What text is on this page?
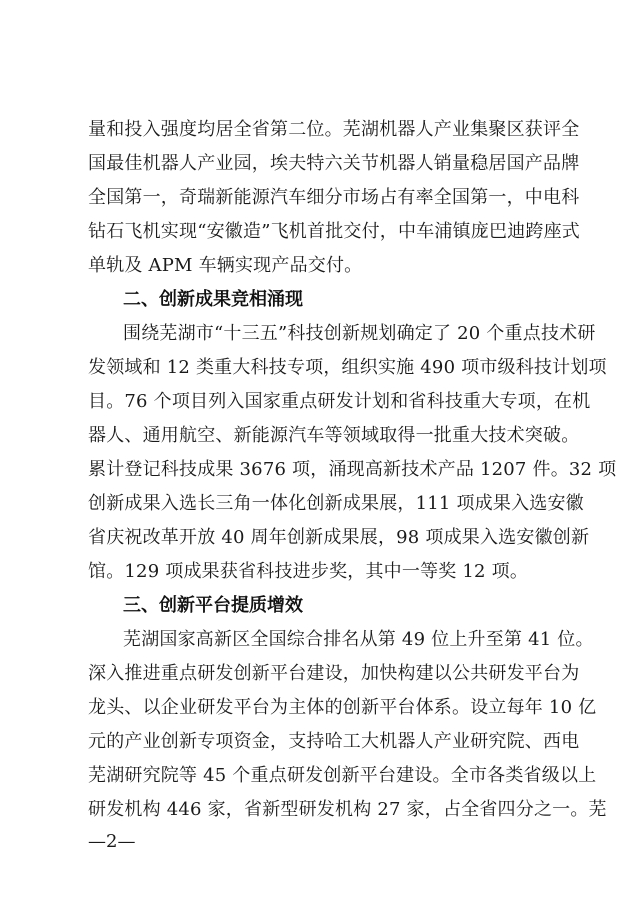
量和投入强度均居全省第二位。芜湖机器人产业集聚区获评全
国最佳机器人产业园，埃夫特六关节机器人销量稳居国产品牌
全国第一，奇瑞新能源汽车细分市场占有率全国第一，中电科
钻石飞机实现“安徽造”飞机首批交付，中车浦镇庞巴迪跨座式
单轨及 APM 车辆实现产品交付。
二、创新成果竞相涌现
围绕芜湖市“十三五”科技创新规划确定了 20 个重点技术研
发领域和 12 类重大科技专项，组织实施 490 项市级科技计划项
目。76 个项目列入国家重点研发计划和省科技重大专项，在机
器人、通用航空、新能源汽车等领域取得一批重大技术突破。
累计登记科技成果 3676 项，涌现高新技术产品 1207 件。32 项
创新成果入选长三角一体化创新成果展，111 项成果入选安徽
省庆祝改革开放 40 周年创新成果展，98 项成果入选安徽创新
馆。129 项成果获省科技进步奖，其中一等奖 12 项。
三、创新平台提质增效
芜湖国家高新区全国综合排名从第 49 位上升至第 41 位。
深入推进重点研发创新平台建设，加快构建以公共研发平台为
龙头、以企业研发平台为主体的创新平台体系。设立每年 10 亿
元的产业创新专项资金，支持哈工大机器人产业研究院、西电
芜湖研究院等 45 个重点研发创新平台建设。全市各类省级以上
研发机构 446 家，省新型研发机构 27 家，占全省四分之一。芜
—2—
